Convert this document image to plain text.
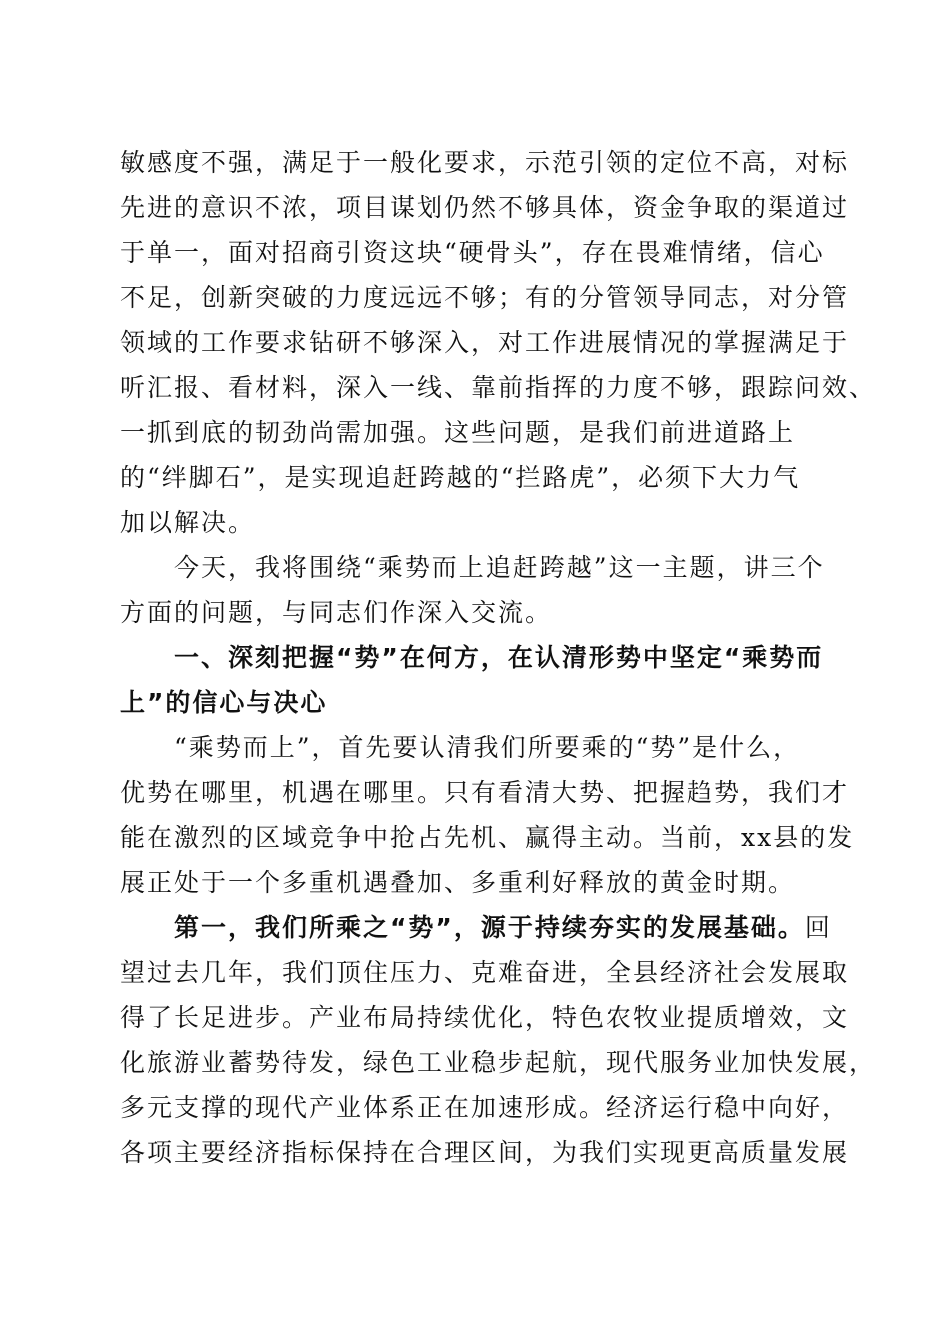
敏感度不强，满足于一般化要求，示范引领的定位不高，对标
先进的意识不浓，项目谋划仍然不够具体，资金争取的渠道过
于单一，面对招商引资这块“硬骨头”，存在畏难情绪，信心
不足，创新突破的力度远远不够；有的分管领导同志，对分管
领域的工作要求钻研不够深入，对工作进展情况的掌握满足于
听汇报、看材料，深入一线、靠前指挥的力度不够，跟踪问效、
一抓到底的韧劲尚需加强。这些问题，是我们前进道路上
的“绊脚石”，是实现追赶跨越的“拦路虎”，必须下大力气
加以解决。
今天，我将围绕“乘势而上追赶跨越”这一主题，讲三个
方面的问题，与同志们作深入交流。
一、深刻把握“势”在何方，在认清形势中坚定“乘势而
上”的信心与决心
“乘势而上”，首先要认清我们所要乘的“势”是什么，
优势在哪里，机遇在哪里。只有看清大势、把握趋势，我们才
能在激烈的区域竞争中抢占先机、赢得主动。当前，xx县的发
展正处于一个多重机遇叠加、多重利好释放的黄金时期。
第一，我们所乘之“势”，源于持续夯实的发展基础。回
望过去几年，我们顶住压力、克难奋进，全县经济社会发展取
得了长足进步。产业布局持续优化，特色农牧业提质增效，文
化旅游业蓄势待发，绿色工业稳步起航，现代服务业加快发展，
多元支撑的现代产业体系正在加速形成。经济运行稳中向好，
各项主要经济指标保持在合理区间，为我们实现更高质量发展
